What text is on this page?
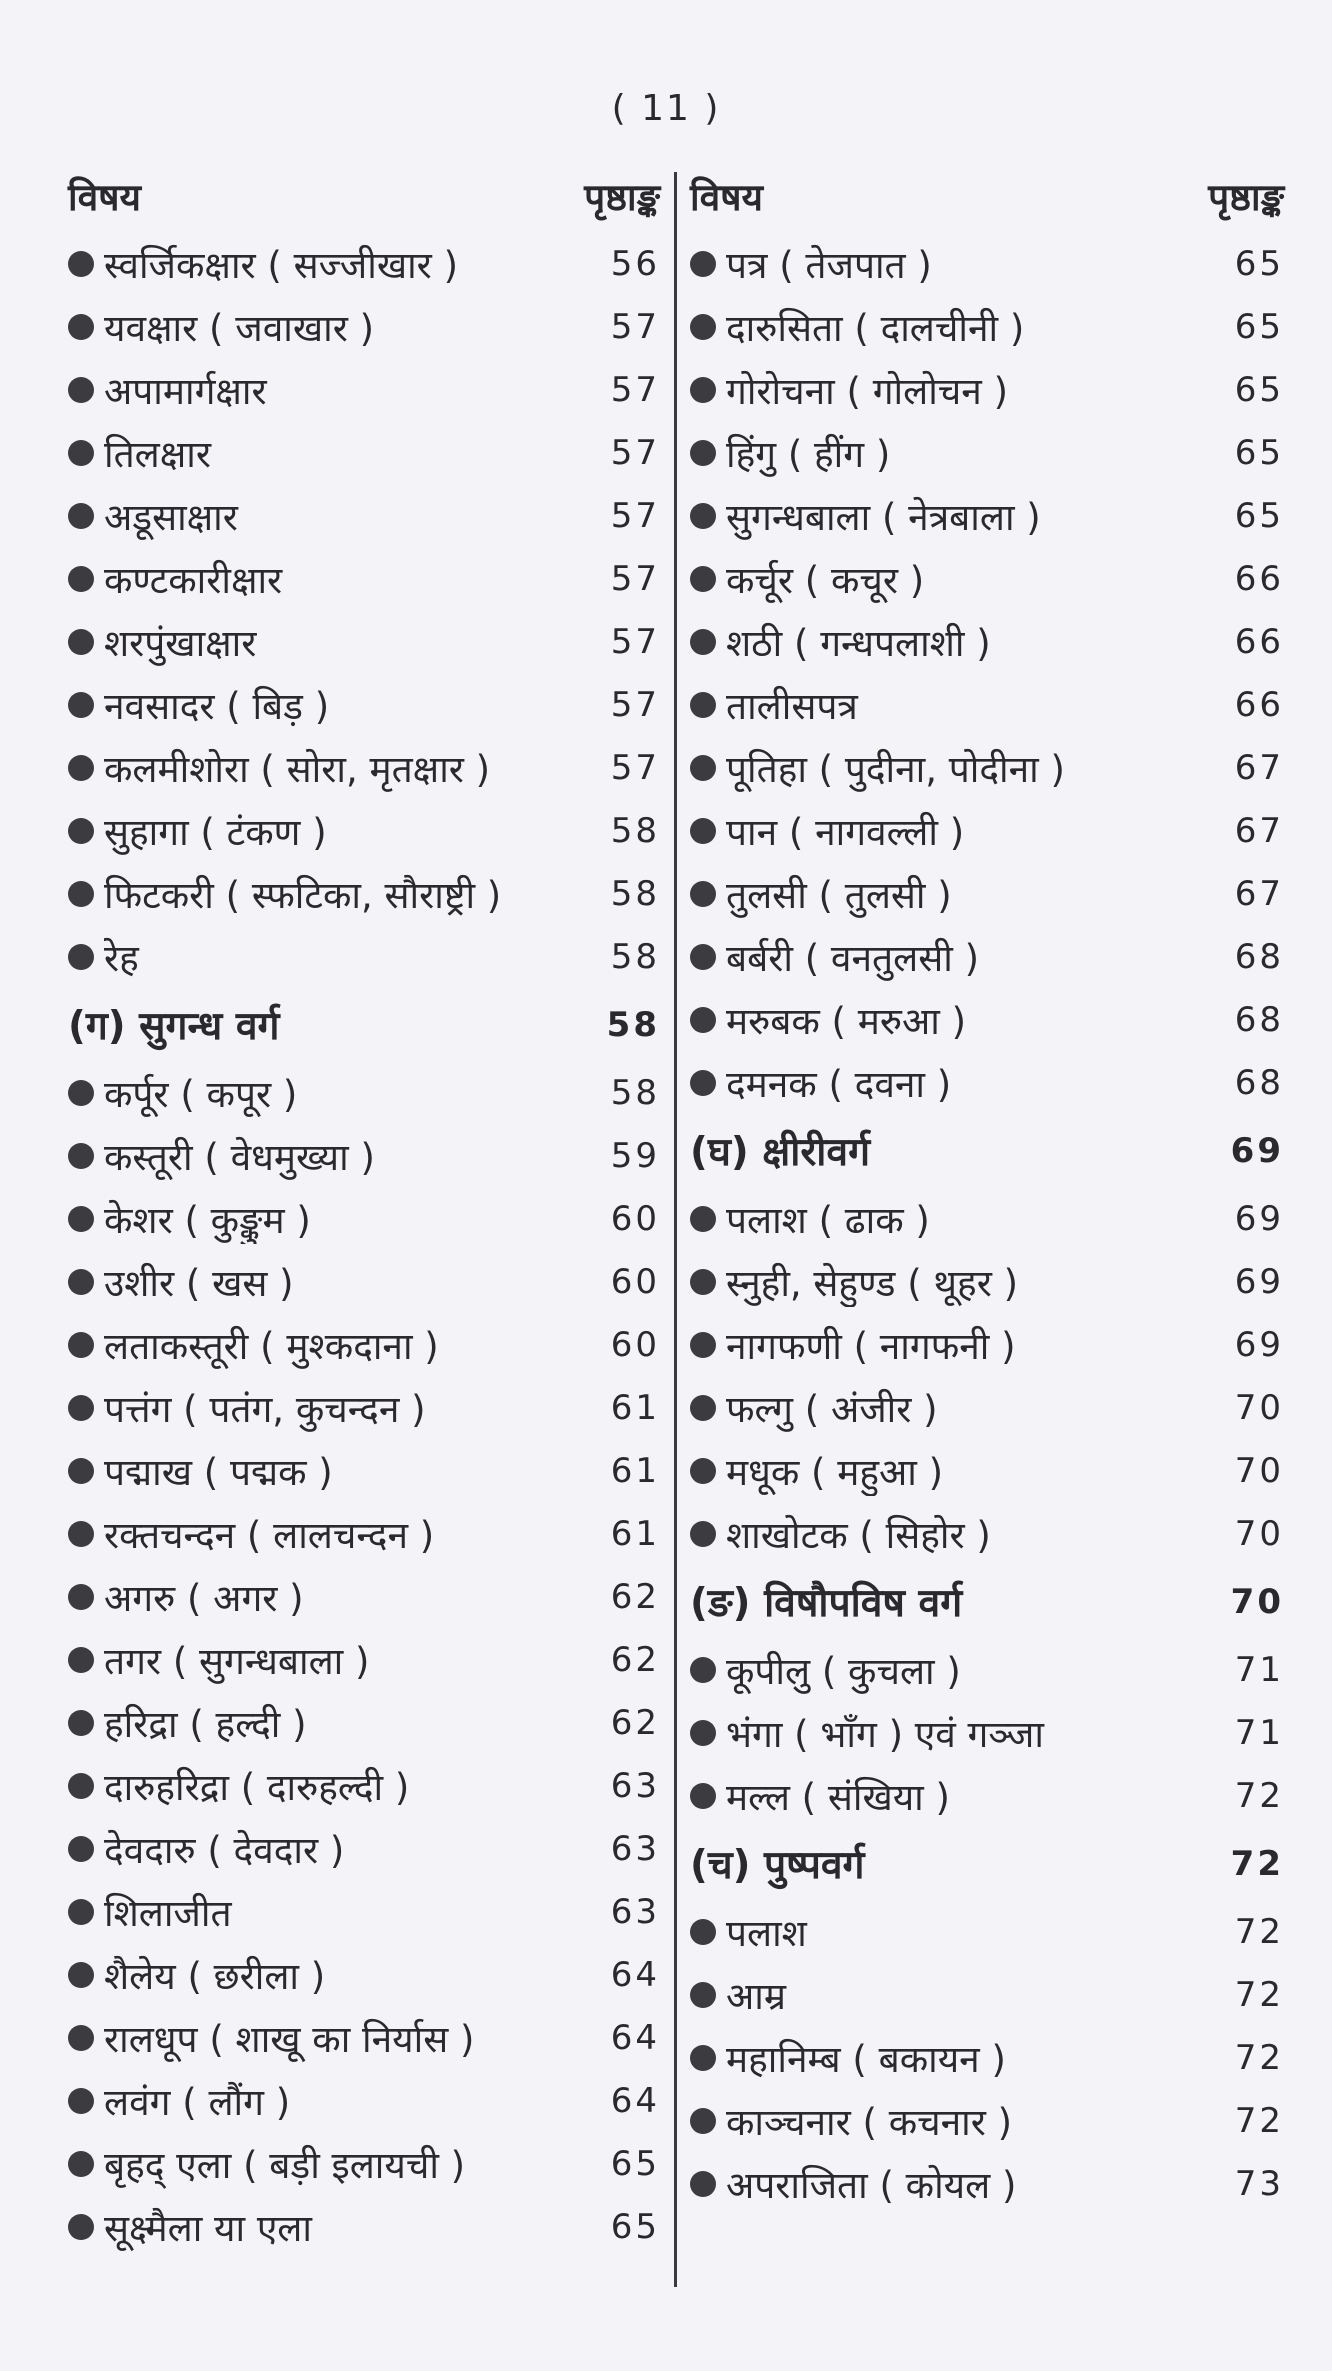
( 11 )
विषय	पृष्ठाङ्क
स्वर्जिकक्षार ( सज्जीखार )	56
यवक्षार ( जवाखार )	57
अपामार्गक्षार	57
तिलक्षार	57
अडूसाक्षार	57
कण्टकारीक्षार	57
शरपुंखाक्षार	57
नवसादर ( बिड़ )	57
कलमीशोरा ( सोरा, मृतक्षार )	57
सुहागा ( टंकण )	58
फिटकरी ( स्फटिका, सौराष्ट्री )	58
रेह	58
(ग) सुगन्ध वर्ग	58
कर्पूर ( कपूर )	58
कस्तूरी ( वेधमुख्या )	59
केशर ( कुङ्कुम )	60
उशीर ( खस )	60
लताकस्तूरी ( मुश्कदाना )	60
पत्तंग ( पतंग, कुचन्दन )	61
पद्माख ( पद्मक )	61
रक्तचन्दन ( लालचन्दन )	61
अगरु ( अगर )	62
तगर ( सुगन्धबाला )	62
हरिद्रा ( हल्दी )	62
दारुहरिद्रा ( दारुहल्दी )	63
देवदारु ( देवदार )	63
शिलाजीत	63
शैलेय ( छरीला )	64
रालधूप ( शाखू का निर्यास )	64
लवंग ( लौंग )	64
बृहद् एला ( बड़ी इलायची )	65
सूक्ष्मैला या एला	65
विषय	पृष्ठाङ्क
पत्र ( तेजपात )	65
दारुसिता ( दालचीनी )	65
गोरोचना ( गोलोचन )	65
हिंगु ( हींग )	65
सुगन्धबाला ( नेत्रबाला )	65
कर्चूर ( कचूर )	66
शठी ( गन्धपलाशी )	66
तालीसपत्र	66
पूतिहा ( पुदीना, पोदीना )	67
पान ( नागवल्ली )	67
तुलसी ( तुलसी )	67
बर्बरी ( वनतुलसी )	68
मरुबक ( मरुआ )	68
दमनक ( दवना )	68
(घ) क्षीरीवर्ग	69
पलाश ( ढाक )	69
स्नुही, सेहुण्ड ( थूहर )	69
नागफणी ( नागफनी )	69
फल्गु ( अंजीर )	70
मधूक ( महुआ )	70
शाखोटक ( सिहोर )	70
(ङ) विषौपविष वर्ग	70
कूपीलु ( कुचला )	71
भंगा ( भाँग ) एवं गञ्जा	71
मल्ल ( संखिया )	72
(च) पुष्पवर्ग	72
पलाश	72
आम्र	72
महानिम्ब ( बकायन )	72
काञ्चनार ( कचनार )	72
अपराजिता ( कोयल )	73
